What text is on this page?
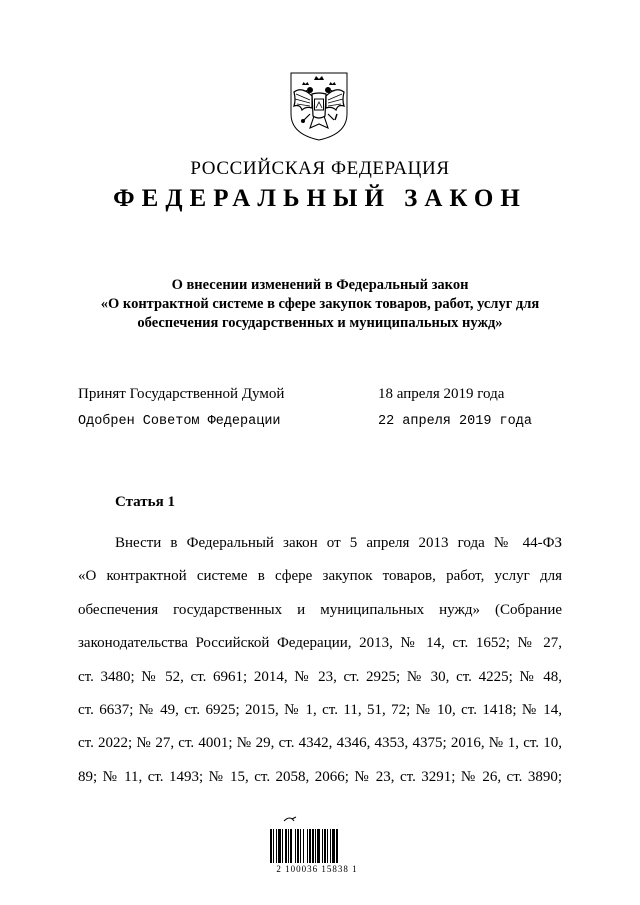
РОССИЙСКАЯ ФЕДЕРАЦИЯ
ФЕДЕРАЛЬНЫЙ ЗАКОН
О внесении изменений в Федеральный закон
«О контрактной системе в сфере закупок товаров, работ, услуг для
обеспечения государственных и муниципальных нужд»
Принят Государственной Думой	18 апреля 2019 года
Одобрен Советом Федерации	22 апреля 2019 года
Статья 1
Внести в Федеральный закон от 5 апреля 2013 года № 44-ФЗ
«О контрактной системе в сфере закупок товаров, работ, услуг для
обеспечения государственных и муниципальных нужд» (Собрание
законодательства Российской Федерации, 2013, № 14, ст. 1652; № 27,
ст. 3480; № 52, ст. 6961; 2014, № 23, ст. 2925; № 30, ст. 4225; № 48,
ст. 6637; № 49, ст. 6925; 2015, № 1, ст. 11, 51, 72; № 10, ст. 1418; № 14,
ст. 2022; № 27, ст. 4001; № 29, ст. 4342, 4346, 4353, 4375; 2016, № 1, ст. 10,
89; № 11, ст. 1493; № 15, ст. 2058, 2066; № 23, ст. 3291; № 26, ст. 3890;
2 100036 15838 1
